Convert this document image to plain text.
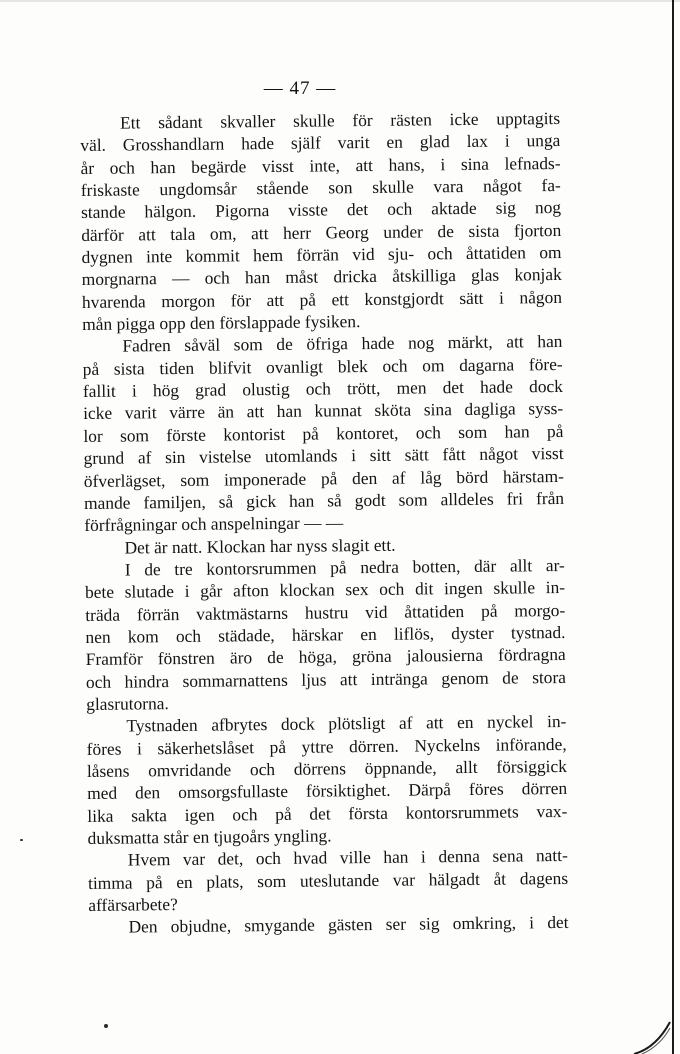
— 47 —
Ett sådant skvaller skulle för rästen icke upptagits
väl. Grosshandlarn hade själf varit en glad lax i unga
år och han begärde visst inte, att hans, i sina lefnads-
friskaste ungdomsår stående son skulle vara något fa-
stande hälgon. Pigorna visste det och aktade sig nog
därför att tala om, att herr Georg under de sista fjorton
dygnen inte kommit hem förrän vid sju- och åttatiden om
morgnarna — och han måst dricka åtskilliga glas konjak
hvarenda morgon för att på ett konstgjordt sätt i någon
mån pigga opp den förslappade fysiken.
Fadren såväl som de öfriga hade nog märkt, att han
på sista tiden blifvit ovanligt blek och om dagarna före-
fallit i hög grad olustig och trött, men det hade dock
icke varit värre än att han kunnat sköta sina dagliga syss-
lor som förste kontorist på kontoret, och som han på
grund af sin vistelse utomlands i sitt sätt fått något visst
öfverlägset, som imponerade på den af låg börd härstam-
mande familjen, så gick han så godt som alldeles fri från
förfrågningar och anspelningar — —
Det är natt. Klockan har nyss slagit ett.
I de tre kontorsrummen på nedra botten, där allt ar-
bete slutade i går afton klockan sex och dit ingen skulle in-
träda förrän vaktmästarns hustru vid åttatiden på morgo-
nen kom och städade, härskar en liflös, dyster tystnad.
Framför fönstren äro de höga, gröna jalousierna fördragna
och hindra sommarnattens ljus att intränga genom de stora
glasrutorna.
Tystnaden afbrytes dock plötsligt af att en nyckel in-
föres i säkerhetslåset på yttre dörren. Nyckelns införande,
låsens omvridande och dörrens öppnande, allt försiggick
med den omsorgsfullaste försiktighet. Därpå föres dörren
lika sakta igen och på det första kontorsrummets vax-
duksmatta står en tjugoårs yngling.
Hvem var det, och hvad ville han i denna sena natt-
timma på en plats, som uteslutande var hälgadt åt dagens
affärsarbete?
Den objudne, smygande gästen ser sig omkring, i det
